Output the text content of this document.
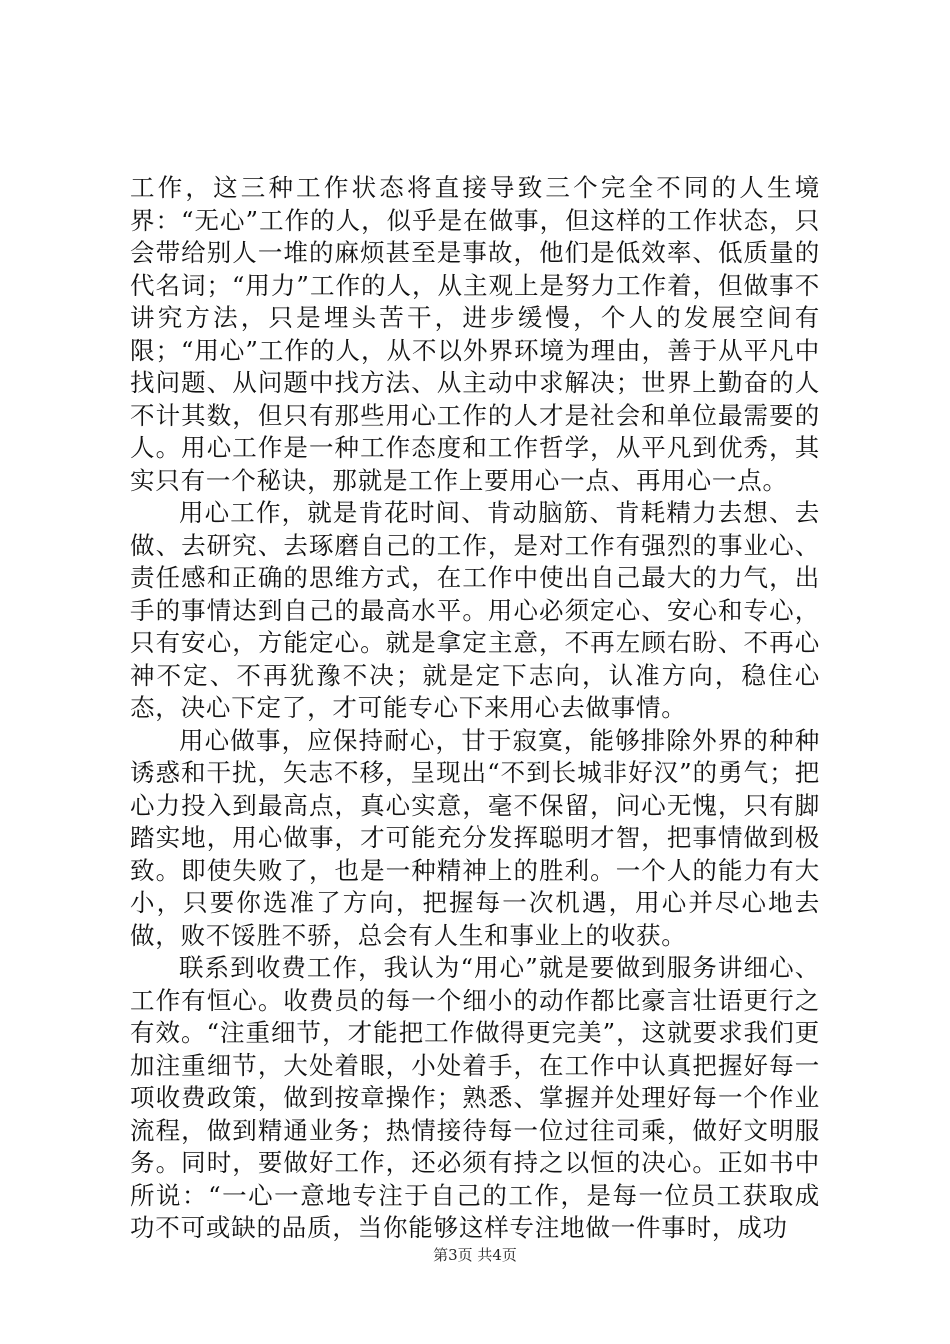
工作，这三种工作状态将直接导致三个完全不同的人生境界：“无心”工作的人，似乎是在做事，但这样的工作状态，只会带给别人一堆的麻烦甚至是事故，他们是低效率、低质量的代名词；“用力”工作的人，从主观上是努力工作着，但做事不讲究方法，只是埋头苦干，进步缓慢，个人的发展空间有限；“用心”工作的人，从不以外界环境为理由，善于从平凡中找问题、从问题中找方法、从主动中求解决；世界上勤奋的人不计其数，但只有那些用心工作的人才是社会和单位最需要的人。用心工作是一种工作态度和工作哲学，从平凡到优秀，其实只有一个秘诀，那就是工作上要用心一点、再用心一点。

用心工作，就是肯花时间、肯动脑筋、肯耗精力去想、去做、去研究、去琢磨自己的工作，是对工作有强烈的事业心、责任感和正确的思维方式，在工作中使出自己最大的力气，出手的事情达到自己的最高水平。用心必须定心、安心和专心，只有安心，方能定心。就是拿定主意，不再左顾右盼、不再心神不定、不再犹豫不决；就是定下志向，认准方向，稳住心态，决心下定了，才可能专心下来用心去做事情。

用心做事，应保持耐心，甘于寂寞，能够排除外界的种种诱惑和干扰，矢志不移，呈现出“不到长城非好汉”的勇气；把心力投入到最高点，真心实意，毫不保留，问心无愧，只有脚踏实地，用心做事，才可能充分发挥聪明才智，把事情做到极致。即使失败了，也是一种精神上的胜利。一个人的能力有大小，只要你选准了方向，把握每一次机遇，用心并尽心地去做，败不馁胜不骄，总会有人生和事业上的收获。

联系到收费工作，我认为“用心”就是要做到服务讲细心、工作有恒心。收费员的每一个细小的动作都比豪言壮语更行之有效。“注重细节，才能把工作做得更完美”，这就要求我们更加注重细节，大处着眼，小处着手，在工作中认真把握好每一项收费政策，做到按章操作；熟悉、掌握并处理好每一个作业流程，做到精通业务；热情接待每一位过往司乘，做好文明服务。同时，要做好工作，还必须有持之以恒的决心。正如书中所说：“一心一意地专注于自己的工作，是每一位员工获取成功不可或缺的品质，当你能够这样专注地做一件事时，成功

第3页 共4页
